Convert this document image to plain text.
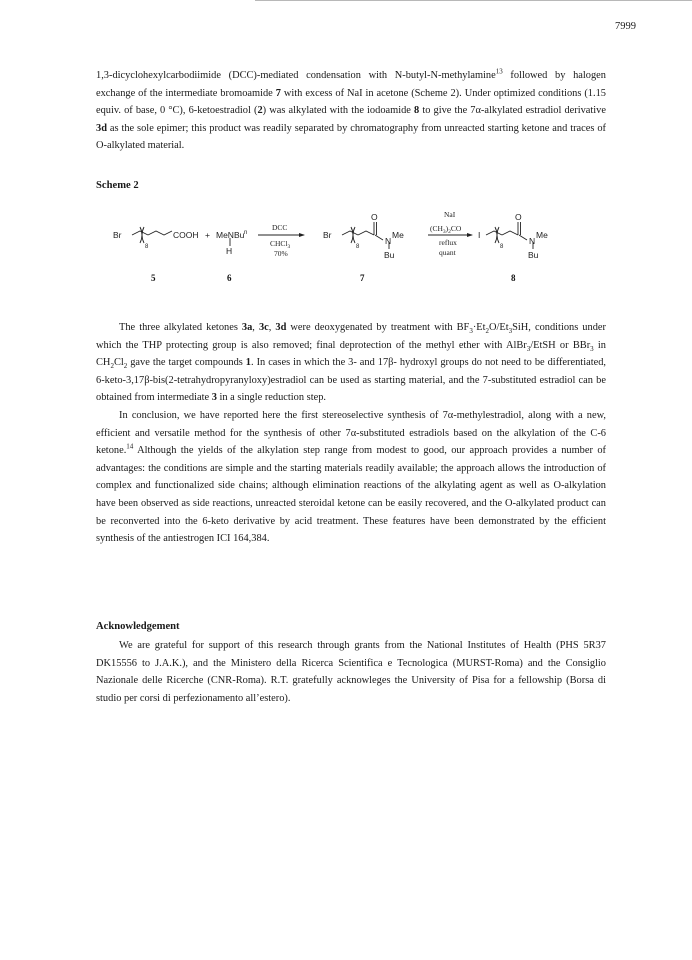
7999

1,3-dicyclohexylcarbodiimide (DCC)-mediated condensation with N-butyl-N-methylamine$^{13}$ followed by halogen exchange of the intermediate bromoamide 7 with excess of NaI in acetone (Scheme 2). Under optimized conditions (1.15 equiv. of base, 0 °C), 6-ketoestradiol (2) was alkylated with the iodoamide 8 to give the 7α-alkylated estradiol derivative 3d as the sole epimer; this product was readily separated by chromatography from unreacted starting ketone and traces of O-alkylated material.

Scheme 2
Br	COOH + MeNBu n
H
Br	I
O	O
N	N
Me	Me
Bu	Bu
8	8	8
DCC
CHCl$_3$
70%
NaI
$(CH_3)_2CO$
reflux
quant
5	6	7	8

The three alkylated ketones 3a, 3c, 3d were deoxygenated by treatment with $BF_3\cdot Et_2O/Et_3SiH$, conditions under which the THP protecting group is also removed; final deprotection of the methyl ether with AlBr$_3$/EtSH or BBr$_3$ in $CH_2Cl_2$ gave the target compounds 1. In cases in which the 3- and 17β- hydroxyl groups do not need to be differentiated, 6-keto-3,17β-bis(2-tetrahydropyranyloxy)estradiol can be used as starting material, and the 7-substituted estradiol can be obtained from intermediate 3 in a single reduction step.

In conclusion, we have reported here the first stereoselective synthesis of 7α-methylestradiol, along with a new, efficient and versatile method for the synthesis of other 7α-substituted estradiols based on the alkylation of the C-6 ketone.$^{14}$ Although the yields of the alkylation step range from modest to good, our approach provides a number of advantages: the conditions are simple and the starting materials readily available; the approach allows the introduction of complex and functionalized side chains; although elimination reactions of the alkylating agent as well as O-alkylation have been observed as side reactions, unreacted steroidal ketone can be easily recovered, and the O-alkylated product can be reconverted into the 6-keto derivative by acid treatment. These features have been demonstrated by the efficient synthesis of the antiestrogen ICI 164,384.

Acknowledgement

We are grateful for support of this research through grants from the National Institutes of Health (PHS 5R37 DK15556 to J.A.K.), and the Ministero della Ricerca Scientifica e Tecnologica (MURST-Roma) and the Consiglio Nazionale delle Ricerche (CNR-Roma). R.T. gratefully acknowleges the University of Pisa for a fellowship (Borsa di studio per corsi di perfezionamento all’estero).
